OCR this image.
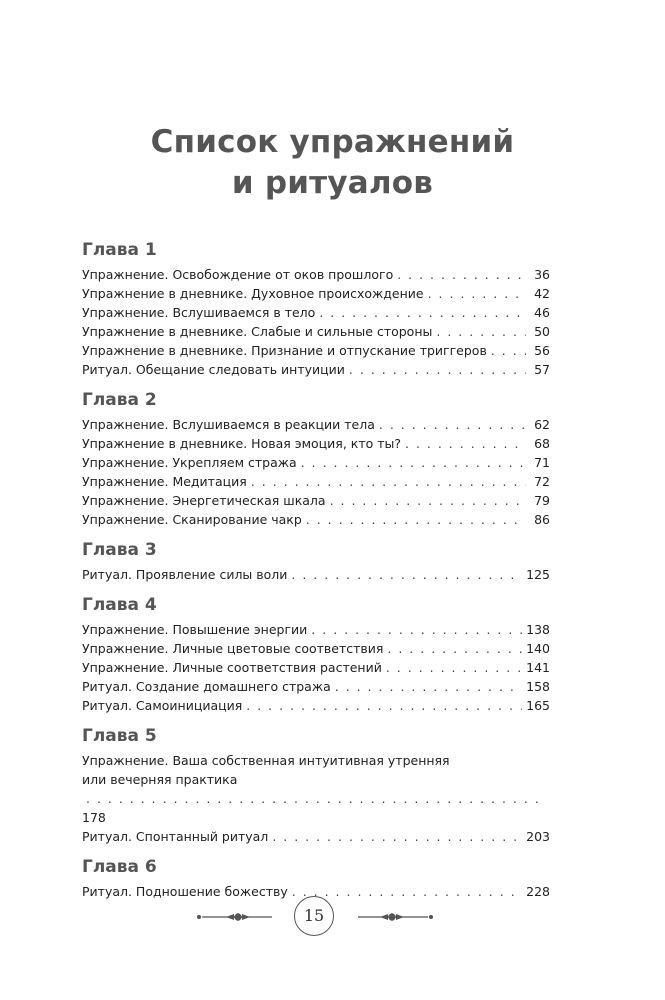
Список упражнений
и ритуалов
Глава 1
Упражнение. Освобождение от оков прошлого . . .	36
Упражнение в дневнике. Духовное происхождение . . .	42
Упражнение. Вслушиваемся в тело . . .	46
Упражнение в дневнике. Слабые и сильные стороны . . .	50
Упражнение в дневнике. Признание и отпускание триггеров . . .	56
Ритуал. Обещание следовать интуиции . . .	57
Глава 2
Упражнение. Вслушиваемся в реакции тела . . .	62
Упражнение в дневнике. Новая эмоция, кто ты? . . .	68
Упражнение. Укрепляем стража . . .	71
Упражнение. Медитация . . .	72
Упражнение. Энергетическая шкала . . .	79
Упражнение. Сканирование чакр . . .	86
Глава 3
Ритуал. Проявление силы воли . . .	125
Глава 4
Упражнение. Повышение энергии . . .	138
Упражнение. Личные цветовые соответствия . . .	140
Упражнение. Личные соответствия растений . . .	141
Ритуал. Создание домашнего стража . . .	158
Ритуал. Самоинициация . . .	165
Глава 5
Упражнение. Ваша собственная интуитивная утренняя
или вечерняя практика
. . .
178
Ритуал. Спонтанный ритуал . . .	203
Глава 6
Ритуал. Подношение божеству . . .	228
15
